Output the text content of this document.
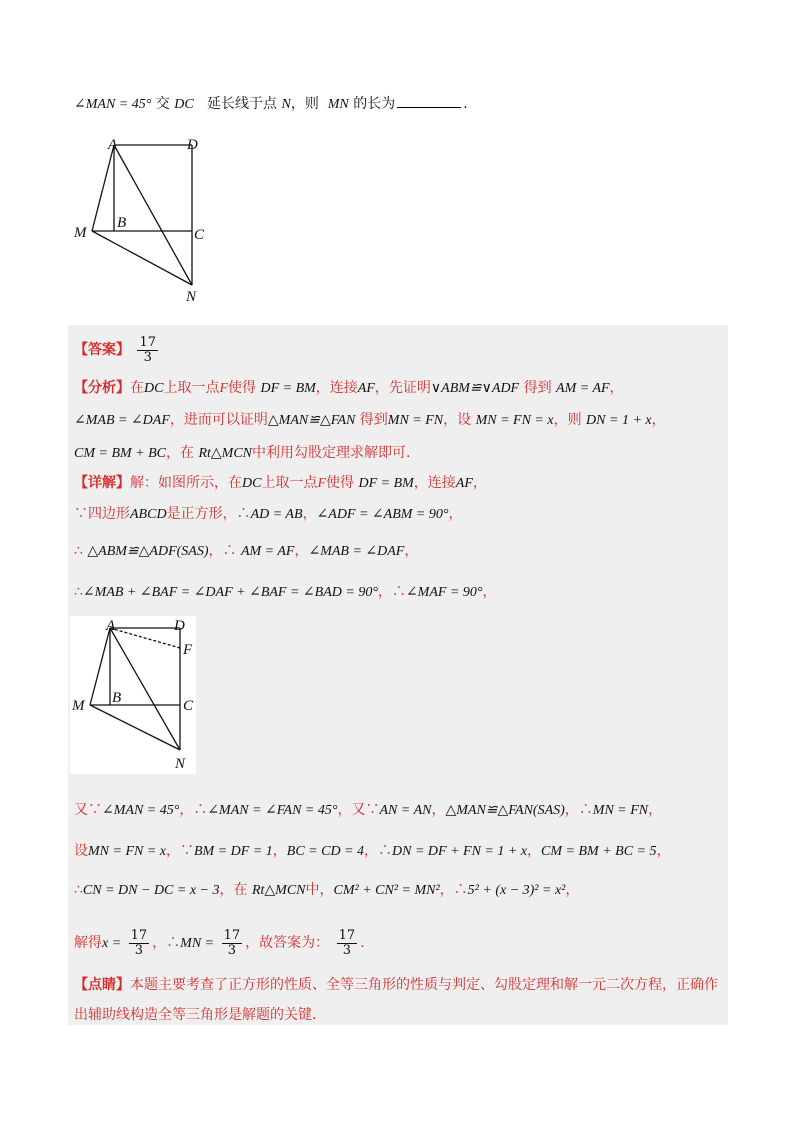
∠MAN = 45° 交 DC 延长线于点 N，则 MN 的长为	.
A	D
M
B
C
N
【答案】 $\frac{17}{3}$
【分析】在DC上取一点F使得 DF = BM，连接AF，先证明∨ABM≌∨ADF 得到 AM = AF，
∠MAB = ∠DAF，进而可以证明△MAN≌△FAN 得到MN = FN，设 MN = FN = x，则 DN = 1 + x，
CM = BM + BC，在 Rt△MCN中利用勾股定理求解即可.
【详解】解：如图所示，在DC上取一点F使得 DF = BM，连接AF，
∵四边形ABCD是正方形，∴AD = AB，∠ADF = ∠ABM = 90°，
∴ △ABM≌△ADF(SAS)，∴ AM = AF，∠MAB = ∠DAF，
∴∠MAB + ∠BAF = ∠DAF + ∠BAF = ∠BAD = 90°，∴∠MAF = 90°，
A	D
F
M B	C
N
又∵∠MAN = 45°，∴∠MAN = ∠FAN = 45°，又∵AN = AN，△MAN≌△FAN(SAS)，∴MN = FN，
设MN = FN = x，∵BM = DF = 1，BC = CD = 4，∴DN = DF + FN = 1 + x，CM = BM + BC = 5，
∴CN = DN − DC = x − 3，在 Rt△MCN中，CM² + CN² = MN²，∴5² + (x − 3)² = x²，
解得$x = \frac{17}{3}$ ，∴MN = $\frac{17}{3}$ ，故答案为： $\frac{17}{3}$ .
【点睛】本题主要考查了正方形的性质、全等三角形的性质与判定、勾股定理和解一元二次方程，正确作
出辅助线构造全等三角形是解题的关键.
